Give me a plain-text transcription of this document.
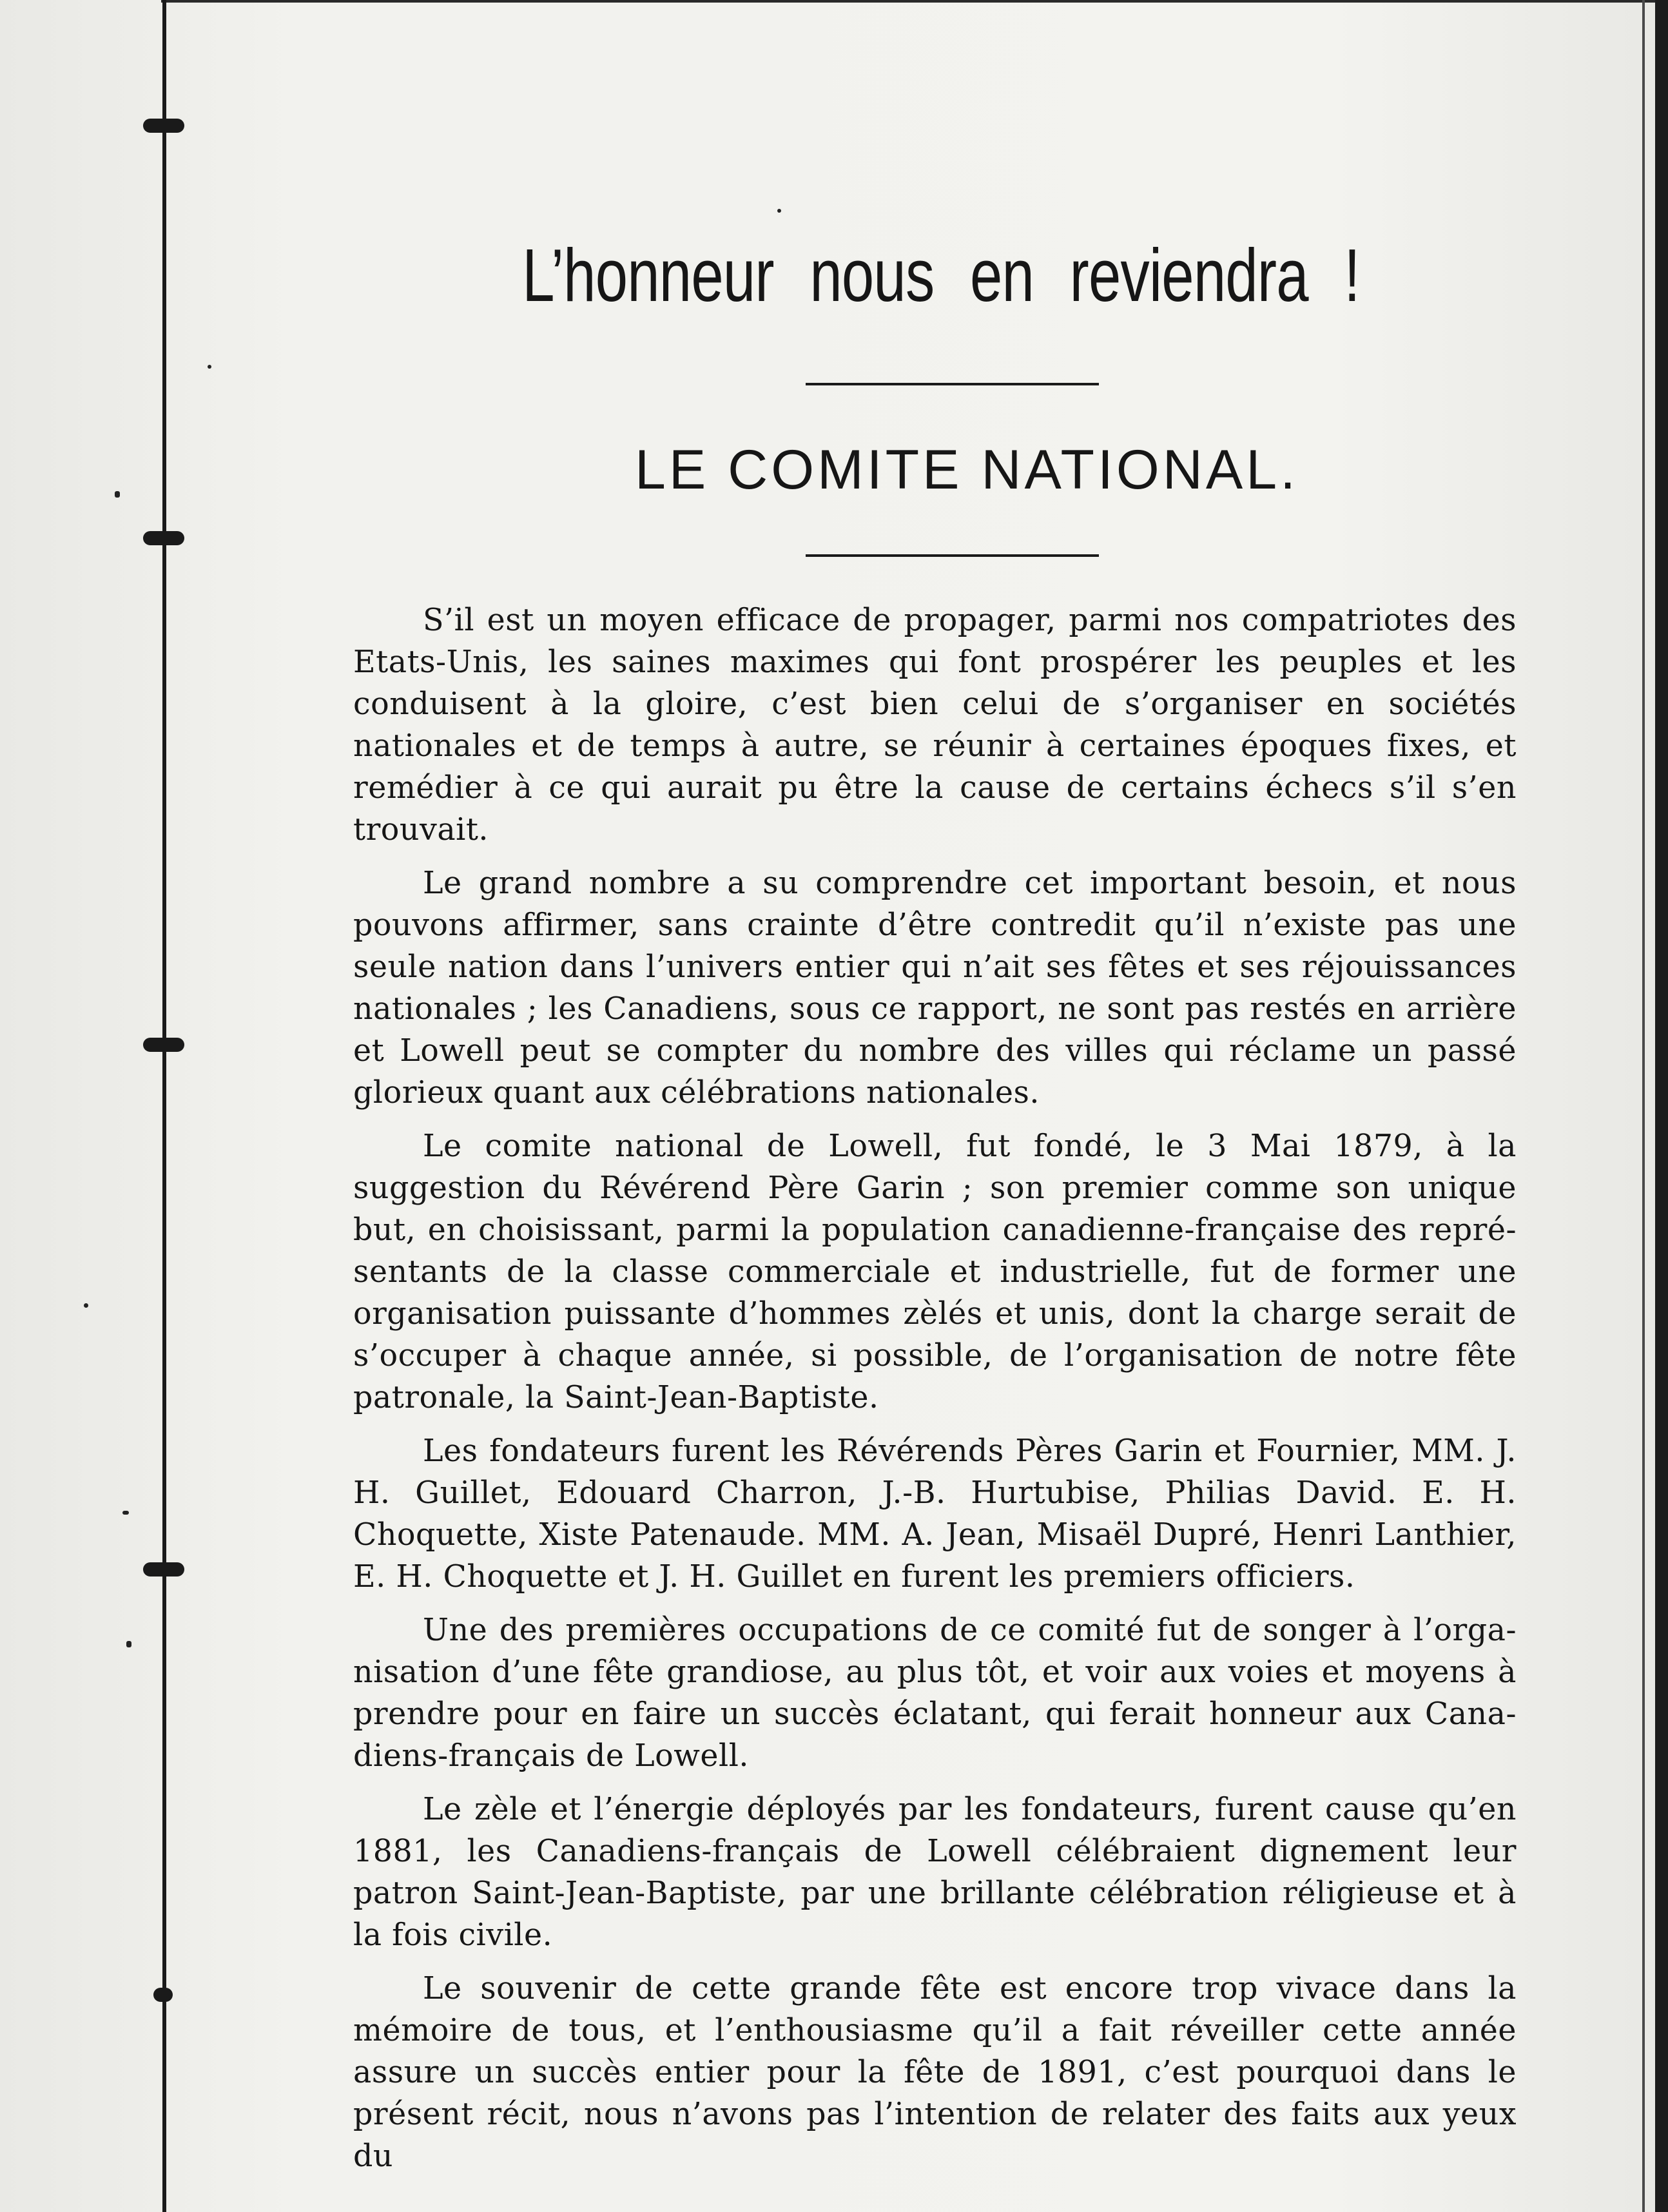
L’honneur nous en reviendra !
LE COMITE NATIONAL.

S’il est un moyen efficace de propager, parmi nos compatriotes des Etats-Unis, les saines maximes qui font prospérer les peuples et les conduisent à la gloire, c’est bien celui de s’organiser en sociétés nationales et de temps à autre, se réunir à certaines époques fixes, et remédier à ce qui aurait pu être la cause de certains échecs s’il s’en trouvait.

Le grand nombre a su comprendre cet important besoin, et nous pouvons affirmer, sans crainte d’être contredit qu’il n’existe pas une seule nation dans l’univers entier qui n’ait ses fêtes et ses réjouissances nationales ; les Canadiens, sous ce rapport, ne sont pas restés en arrière et Lowell peut se compter du nombre des villes qui réclame un passé glorieux quant aux célébrations nationales.

Le comite national de Lowell, fut fondé, le 3 Mai 1879, à la suggestion du Révérend Père Garin ; son premier comme son unique but, en choisissant, parmi la population canadienne-française des repré-sentants de la classe commerciale et industrielle, fut de former une organisation puissante d’hommes zèlés et unis, dont la charge serait de s’occuper à chaque année, si possible, de l’organisation de notre fête patronale, la Saint-Jean-Baptiste.

Les fondateurs furent les Révérends Pères Garin et Fournier, MM. J. H. Guillet, Edouard Charron, J.-B. Hurtubise, Philias David. E. H. Choquette, Xiste Patenaude. MM. A. Jean, Misaël Dupré, Henri Lanthier, E. H. Choquette et J. H. Guillet en furent les premiers officiers.

Une des premières occupations de ce comité fut de songer à l’orga-nisation d’une fête grandiose, au plus tôt, et voir aux voies et moyens à prendre pour en faire un succès éclatant, qui ferait honneur aux Cana-diens-français de Lowell.

Le zèle et l’énergie déployés par les fondateurs, furent cause qu’en 1881, les Canadiens-français de Lowell célébraient dignement leur patron Saint-Jean-Baptiste, par une brillante célébration réligieuse et à la fois civile.

Le souvenir de cette grande fête est encore trop vivace dans la mémoire de tous, et l’enthousiasme qu’il a fait réveiller cette année assure un succès entier pour la fête de 1891, c’est pourquoi dans le présent récit, nous n’avons pas l’intention de relater des faits aux yeux du
